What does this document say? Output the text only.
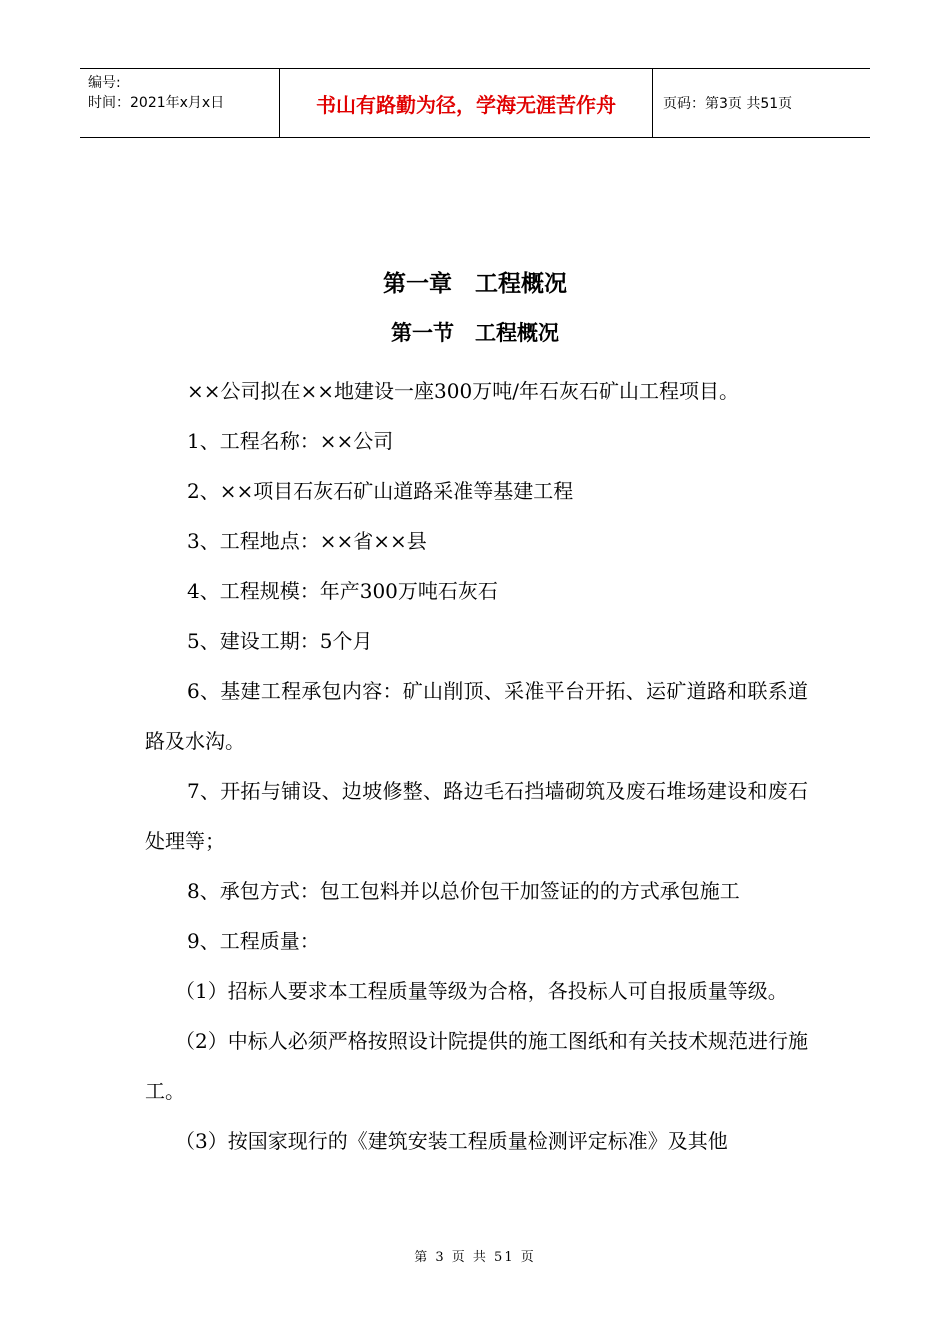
编号:
时间：2021年x月x日	书山有路勤为径，学海无涯苦作舟	页码：第3页 共51页
第一章　工程概况
第一节　工程概况

××公司拟在××地建设一座300万吨/年石灰石矿山工程项目。

1、工程名称：××公司

2、××项目石灰石矿山道路采准等基建工程

3、工程地点：××省××县

4、工程规模：年产300万吨石灰石

5、建设工期：5个月

6、基建工程承包内容：矿山削顶、采准平台开拓、运矿道路和联系道路及水沟。

7、开拓与铺设、边坡修整、路边毛石挡墙砌筑及废石堆场建设和废石处理等；

8、承包方式：包工包料并以总价包干加签证的的方式承包施工

9、工程质量：

（1）招标人要求本工程质量等级为合格，各投标人可自报质量等级。

（2）中标人必须严格按照设计院提供的施工图纸和有关技术规范进行施工。

（3）按国家现行的《建筑安装工程质量检测评定标准》及其他

第 3 页 共 51 页
